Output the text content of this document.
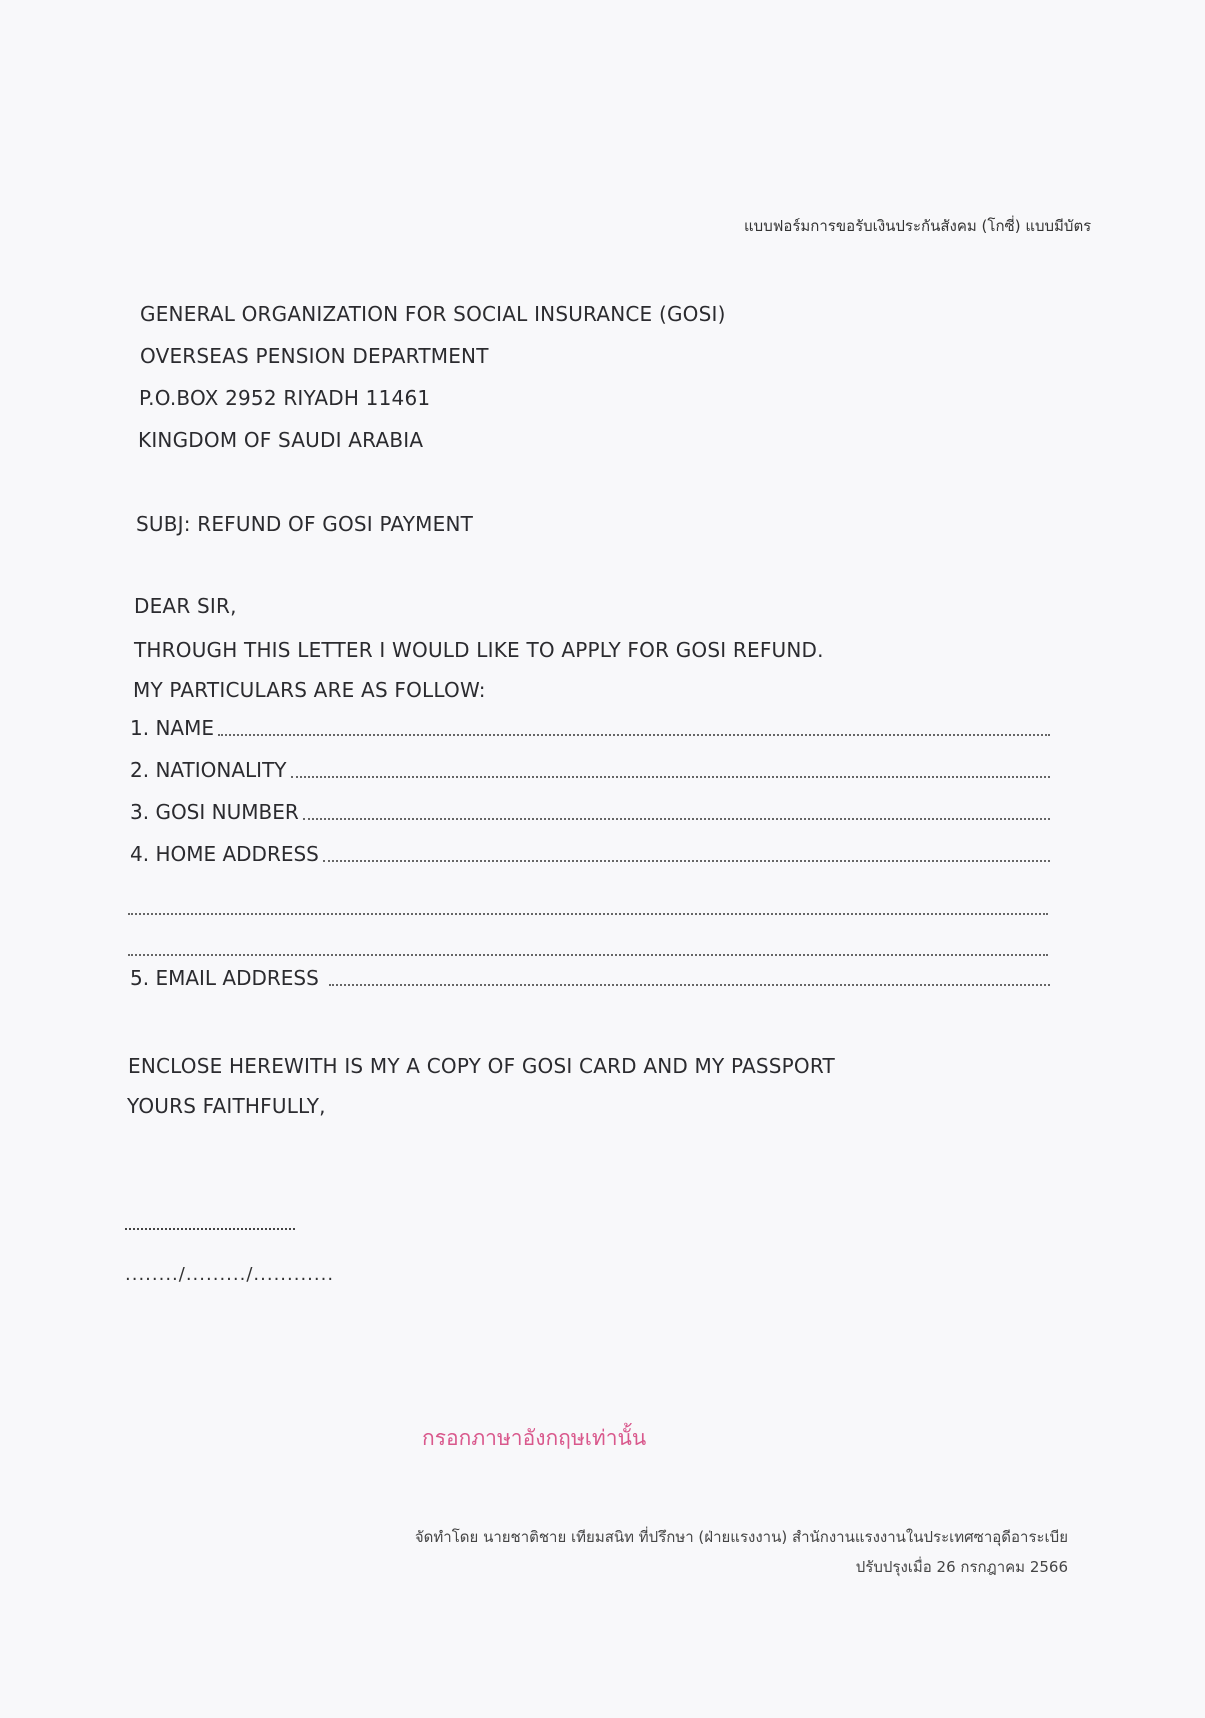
แบบฟอร์มการขอรับเงินประกันสังคม (โกซี่) แบบมีบัตร
GENERAL ORGANIZATION FOR SOCIAL INSURANCE (GOSI)
OVERSEAS PENSION DEPARTMENT
P.O.BOX 2952 RIYADH 11461
KINGDOM OF SAUDI ARABIA
SUBJ: REFUND OF GOSI PAYMENT
DEAR SIR,
THROUGH THIS LETTER I WOULD LIKE TO APPLY FOR GOSI REFUND.
MY PARTICULARS ARE AS FOLLOW:
1. NAME
2. NATIONALITY
3. GOSI NUMBER
4. HOME ADDRESS
5. EMAIL ADDRESS
ENCLOSE HEREWITH IS MY A COPY OF GOSI CARD AND MY PASSPORT
YOURS FAITHFULLY,
......../........./............
กรอกภาษาอังกฤษเท่านั้น
จัดทำโดย นายชาติชาย เทียมสนิท ที่ปรึกษา (ฝ่ายแรงงาน) สำนักงานแรงงานในประเทศซาอุดีอาระเบีย
ปรับปรุงเมื่อ 26 กรกฎาคม 2566
